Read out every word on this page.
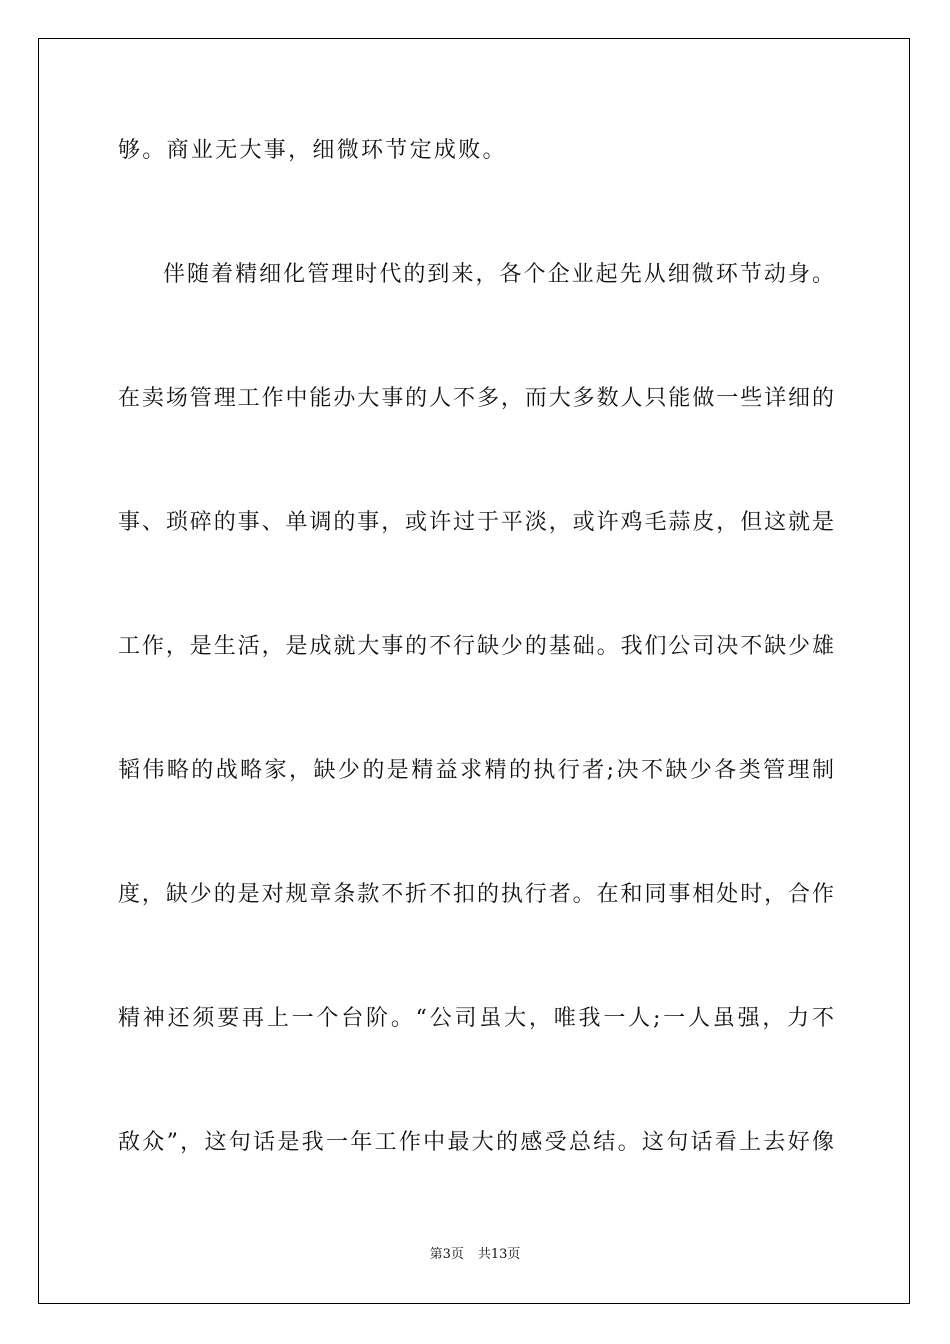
够。商业无大事，细微环节定成败。
伴随着精细化管理时代的到来，各个企业起先从细微环节动身。
在卖场管理工作中能办大事的人不多，而大多数人只能做一些详细的
事、琐碎的事、单调的事，或许过于平淡，或许鸡毛蒜皮，但这就是
工作，是生活，是成就大事的不行缺少的基础。我们公司决不缺少雄
韬伟略的战略家，缺少的是精益求精的执行者;决不缺少各类管理制
度，缺少的是对规章条款不折不扣的执行者。在和同事相处时，合作
精神还须要再上一个台阶。“公司虽大，唯我一人;一人虽强，力不
敌众”，这句话是我一年工作中最大的感受总结。这句话看上去好像
第3页 共13页
